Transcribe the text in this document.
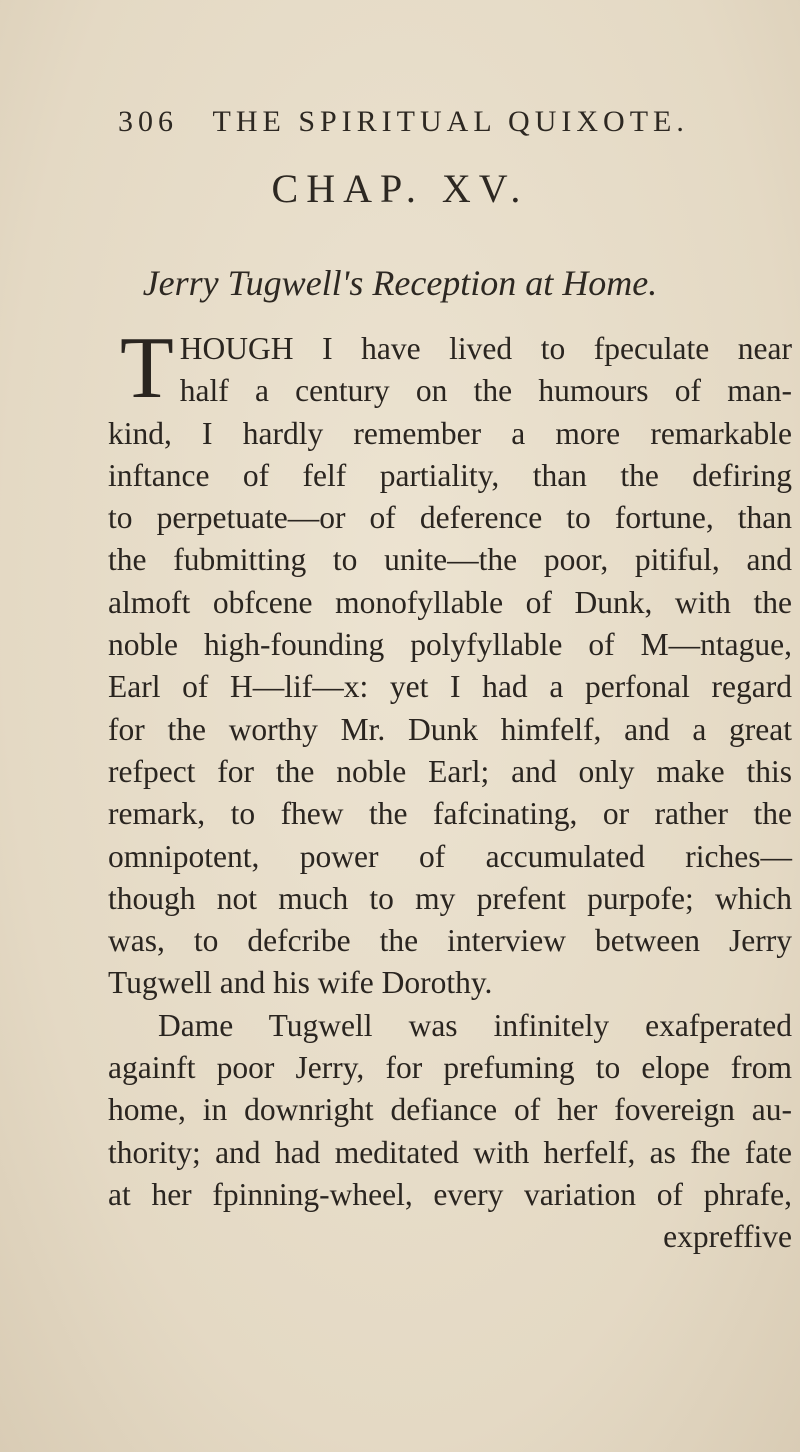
306 THE SPIRITUAL QUIXOTE.
CHAP. XV.
Jerry Tugwell's Reception at Home.
T HOUGH I have lived to fpeculate near
half a century on the humours of man-
kind, I hardly remember a more remarkable
inftance of felf partiality, than the defiring
to perpetuate—or of deference to fortune, than
the fubmitting to unite—the poor, pitiful, and
almoft obfcene monofyllable of Dunk, with the
noble high-founding polyfyllable of M—ntague,
Earl of H—lif—x: yet I had a perfonal regard
for the worthy Mr. Dunk himfelf, and a great
refpect for the noble Earl; and only make this
remark, to fhew the fafcinating, or rather the
omnipotent, power of accumulated riches—
though not much to my prefent purpofe; which
was, to defcribe the interview between Jerry
Tugwell and his wife Dorothy.
Dame Tugwell was infinitely exafperated
againft poor Jerry, for prefuming to elope from
home, in downright defiance of her fovereign au-
thority; and had meditated with herfelf, as fhe fate
at her fpinning-wheel, every variation of phrafe,
expreffive
